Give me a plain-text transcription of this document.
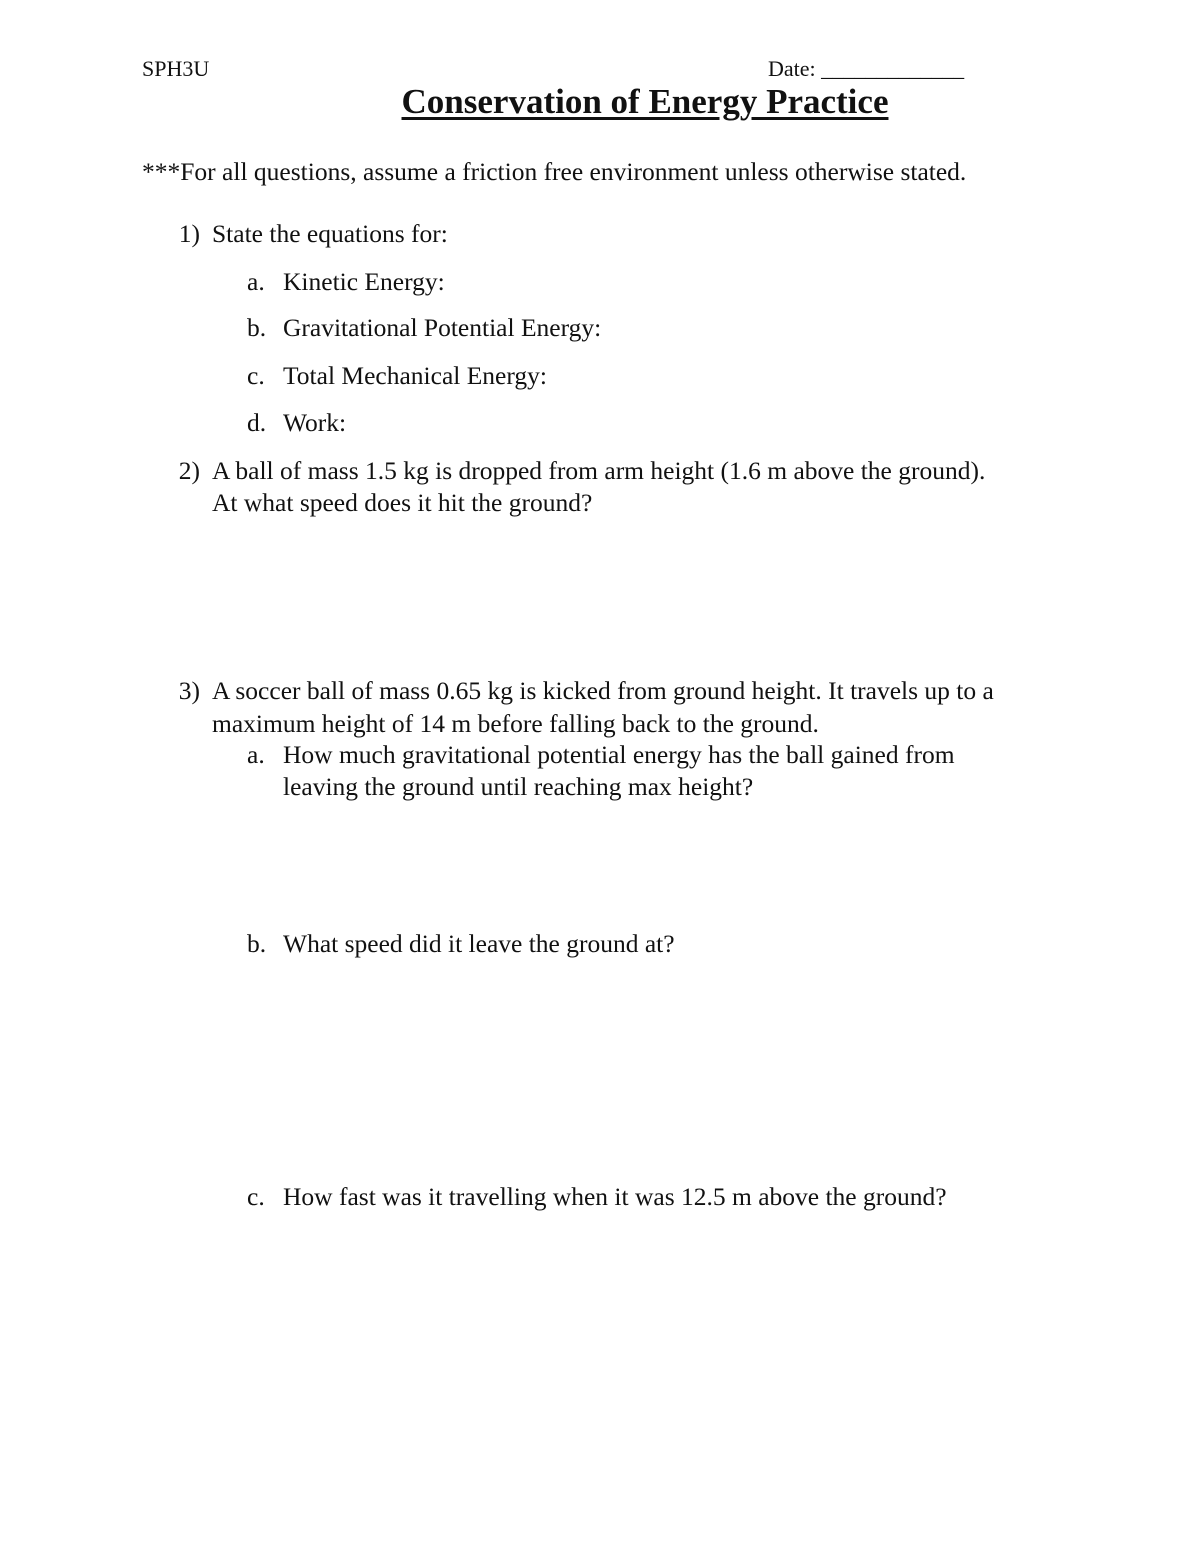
SPH3U	Date: _____________
Conservation of Energy Practice
***For all questions, assume a friction free environment unless otherwise stated.
1) State the equations for:
a. Kinetic Energy:
b. Gravitational Potential Energy:
c. Total Mechanical Energy:
d. Work:
2) A ball of mass 1.5 kg is dropped from arm height (1.6 m above the ground).
At what speed does it hit the ground?
3) A soccer ball of mass 0.65 kg is kicked from ground height. It travels up to a
maximum height of 14 m before falling back to the ground.
a. How much gravitational potential energy has the ball gained from
leaving the ground until reaching max height?
b. What speed did it leave the ground at?
c. How fast was it travelling when it was 12.5 m above the ground?
